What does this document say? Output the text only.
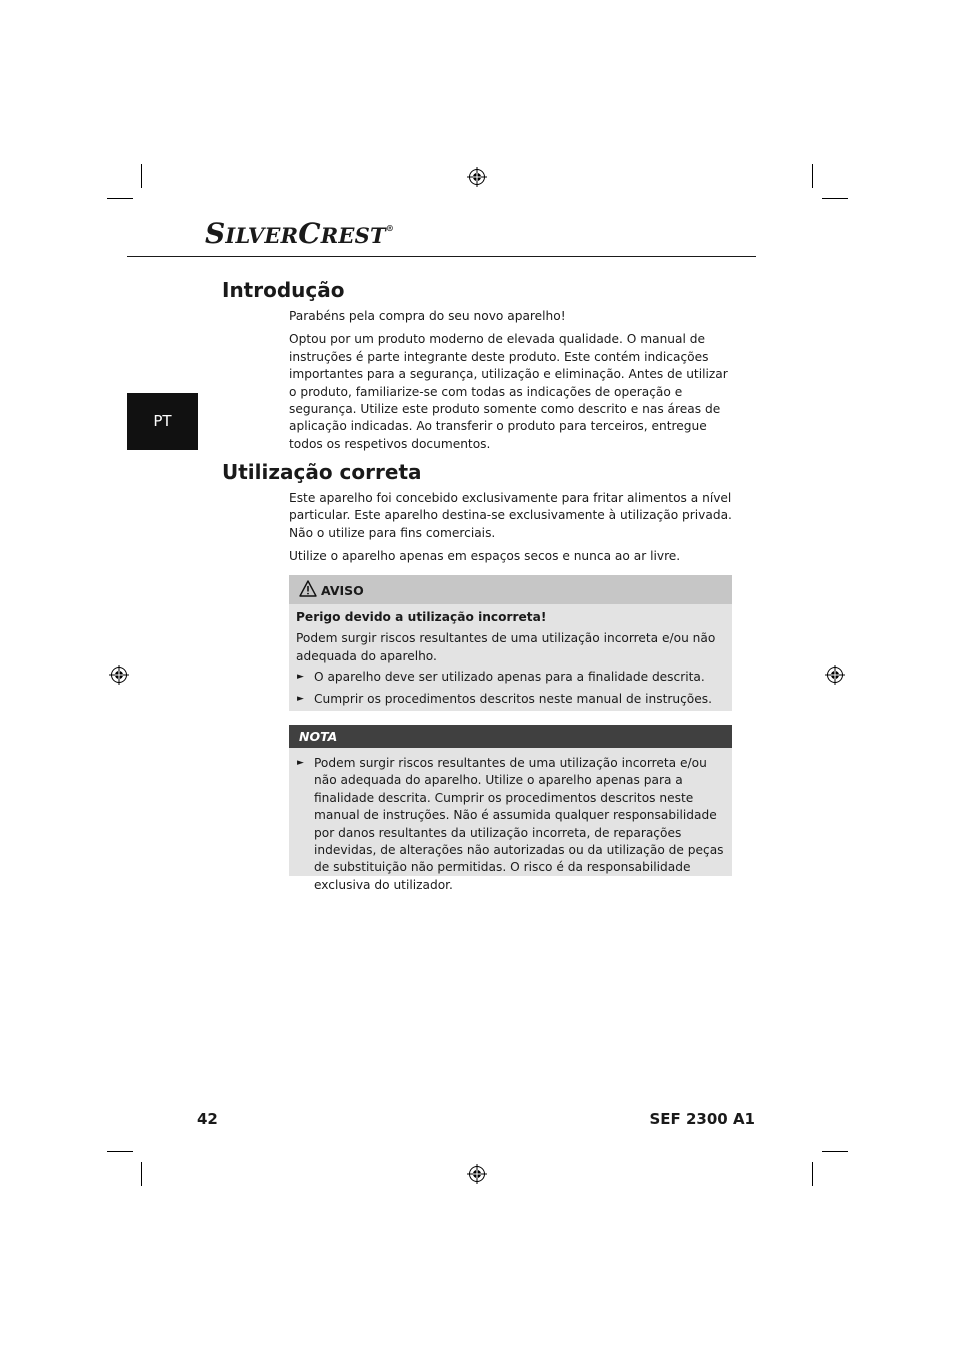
SILVERCREST®
PT
Introdução

Parabéns pela compra do seu novo aparelho!

Optou por um produto moderno de elevada qualidade. O manual de instruções é parte integrante deste produto. Este contém indicações importantes para a segurança, utilização e eliminação. Antes de utilizar o produto, familiarize-se com todas as indicações de operação e segurança. Utilize este produto somente como descrito e nas áreas de aplicação indicadas. Ao transferir o produto para terceiros, entregue todos os respetivos documentos.

Utilização correta

Este aparelho foi concebido exclusivamente para fritar alimentos a nível particular. Este aparelho destina-se exclusivamente à utilização privada. Não o utilize para fins comerciais.

Utilize o aparelho apenas em espaços secos e nunca ao ar livre.

AVISO
Perigo devido a utilização incorreta!
Podem surgir riscos resultantes de uma utilização incorreta e/ou não adequada do aparelho.
► O aparelho deve ser utilizado apenas para a finalidade descrita.
► Cumprir os procedimentos descritos neste manual de instruções.
NOTA
► Podem surgir riscos resultantes de uma utilização incorreta e/ou não adequada do aparelho. Utilize o aparelho apenas para a finalidade descrita. Cumprir os procedimentos descritos neste manual de instruções. Não é assumida qualquer responsabilidade por danos resultantes da utilização incorreta, de reparações indevidas, de alterações não autorizadas ou da utilização de peças de substituição não permitidas. O risco é da responsabilidade exclusiva do utilizador.
42	SEF 2300 A1
